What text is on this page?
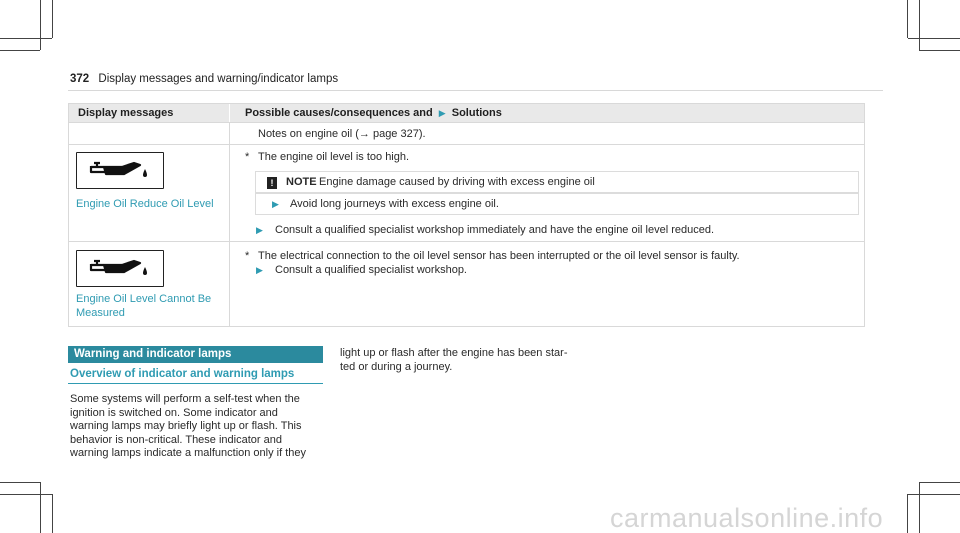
372 Display messages and warning/indicator lamps
Display messages	Possible causes/consequences and ▶ Solutions
Notes on engine oil (→ page 327).
Engine Oil Reduce Oil Level
* The engine oil level is too high.
!	NOTE Engine damage caused by driving with excess engine oil
▶ Avoid long journeys with excess engine oil.
▶ Consult a qualified specialist workshop immediately and have the engine oil level reduced.
Engine Oil Level Cannot Be
Measured
* The electrical connection to the oil level sensor has been interrupted or the oil level sensor is faulty.
▶ Consult a qualified specialist workshop.
Warning and indicator lamps
Overview of indicator and warning lamps
Some systems will perform a self-test when the
ignition is switched on. Some indicator and
warning lamps may briefly light up or flash. This
behavior is non-critical. These indicator and
warning lamps indicate a malfunction only if they
light up or flash after the engine has been star-
ted or during a journey.
carmanualsonline.info
